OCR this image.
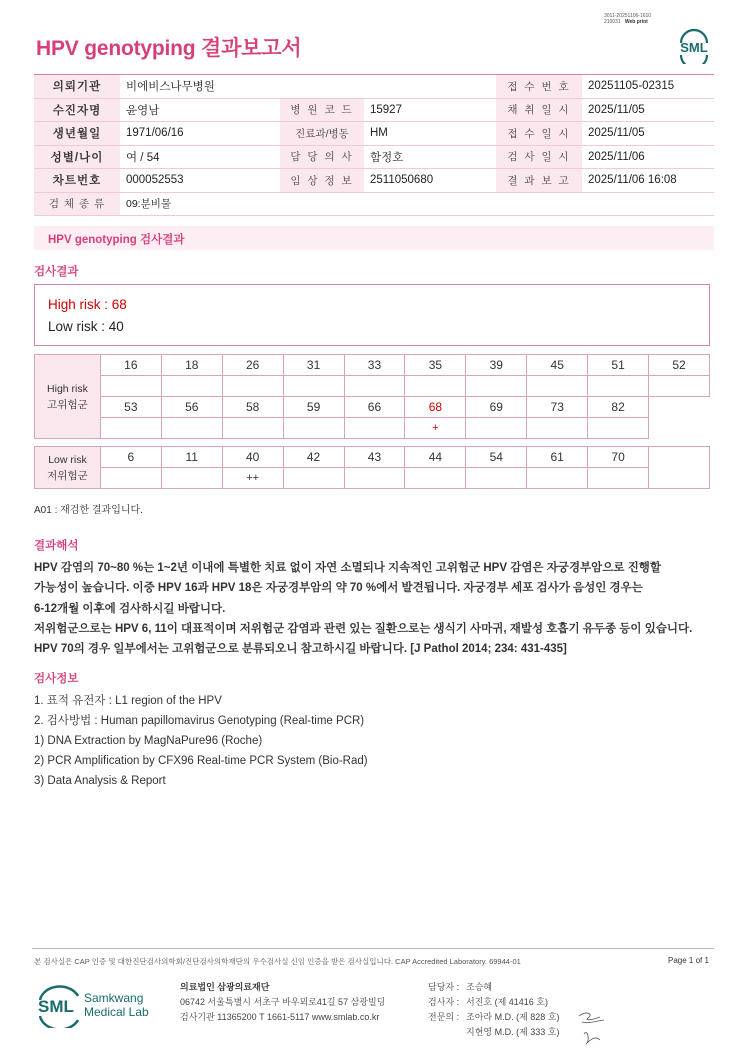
3011-20251106-1610
210031 Web print
HPV genotyping 결과보고서	SML
의뢰기관	비에비스나무병원			접 수 번 호	20251105-02315
수진자명	윤영남	병 원 코 드	15927	채 취 일 시	2025/11/05
생년월일	1971/06/16	진료과/병동	HM	접 수 일 시	2025/11/05
성별/나이	여 / 54	담 당 의 사	함정호	검 사 일 시	2025/11/06
차트번호	000052553	임 상 정 보	2511050680	결 과 보 고	2025/11/06 16:08
검 체 종 류	09:분비물				
HPV genotyping 검사결과
검사결과
High risk : 68
Low risk : 40
High risk
고위험군	16	18	26	31	33	35	39	45	51	52

	53	56	58	59	66	68	69	73	82	
						+				
Low risk
저위험군	6	11	40	42	43	44	54	61	70	
			++							
A01 : 재검한 결과입니다.
결과해석
HPV 감염의 70~80 %는 1~2년 이내에 특별한 치료 없이 자연 소멸되나 지속적인 고위험군 HPV 감염은 자궁경부암으로 진행할
가능성이 높습니다. 이중 HPV 16과 HPV 18은 자궁경부암의 약 70 %에서 발견됩니다. 자궁경부 세포 검사가 음성인 경우는
6-12개월 이후에 검사하시길 바랍니다.
저위험군으로는 HPV 6, 11이 대표적이며 저위험군 감염과 관련 있는 질환으로는 생식기 사마귀, 재발성 호흡기 유두종 등이 있습니다.
HPV 70의 경우 일부에서는 고위험군으로 분류되오니 참고하시길 바랍니다. [J Pathol 2014; 234: 431-435]
검사정보
1. 표적 유전자 : L1 region of the HPV
2. 검사방법 : Human papillomavirus Genotyping (Real-time PCR)
1) DNA Extraction by MagNaPure96 (Roche)
2) PCR Amplification by CFX96 Real-time PCR System (Bio-Rad)
3) Data Analysis & Report
본 검사실은 CAP 인증 및 대한진단검사의학회/진단검사의학재단의 우수검사실 신임 인증을 받은 검사실입니다. CAP Accredited Laboratory. 69944-01	Page 1 of 1
SML Samkwang
Medical Lab
의료법인 삼광의료재단
06742 서울특별시 서초구 바우뫼로41길 57 삼광빌딩
검사기관 11365200 T 1661-5117 www.smlab.co.kr
담당자 : 조승혜
검사자 : 서진호 (제 41416 호)
전문의 : 조아라 M.D. (제 828 호)
지현영 M.D. (제 333 호)
